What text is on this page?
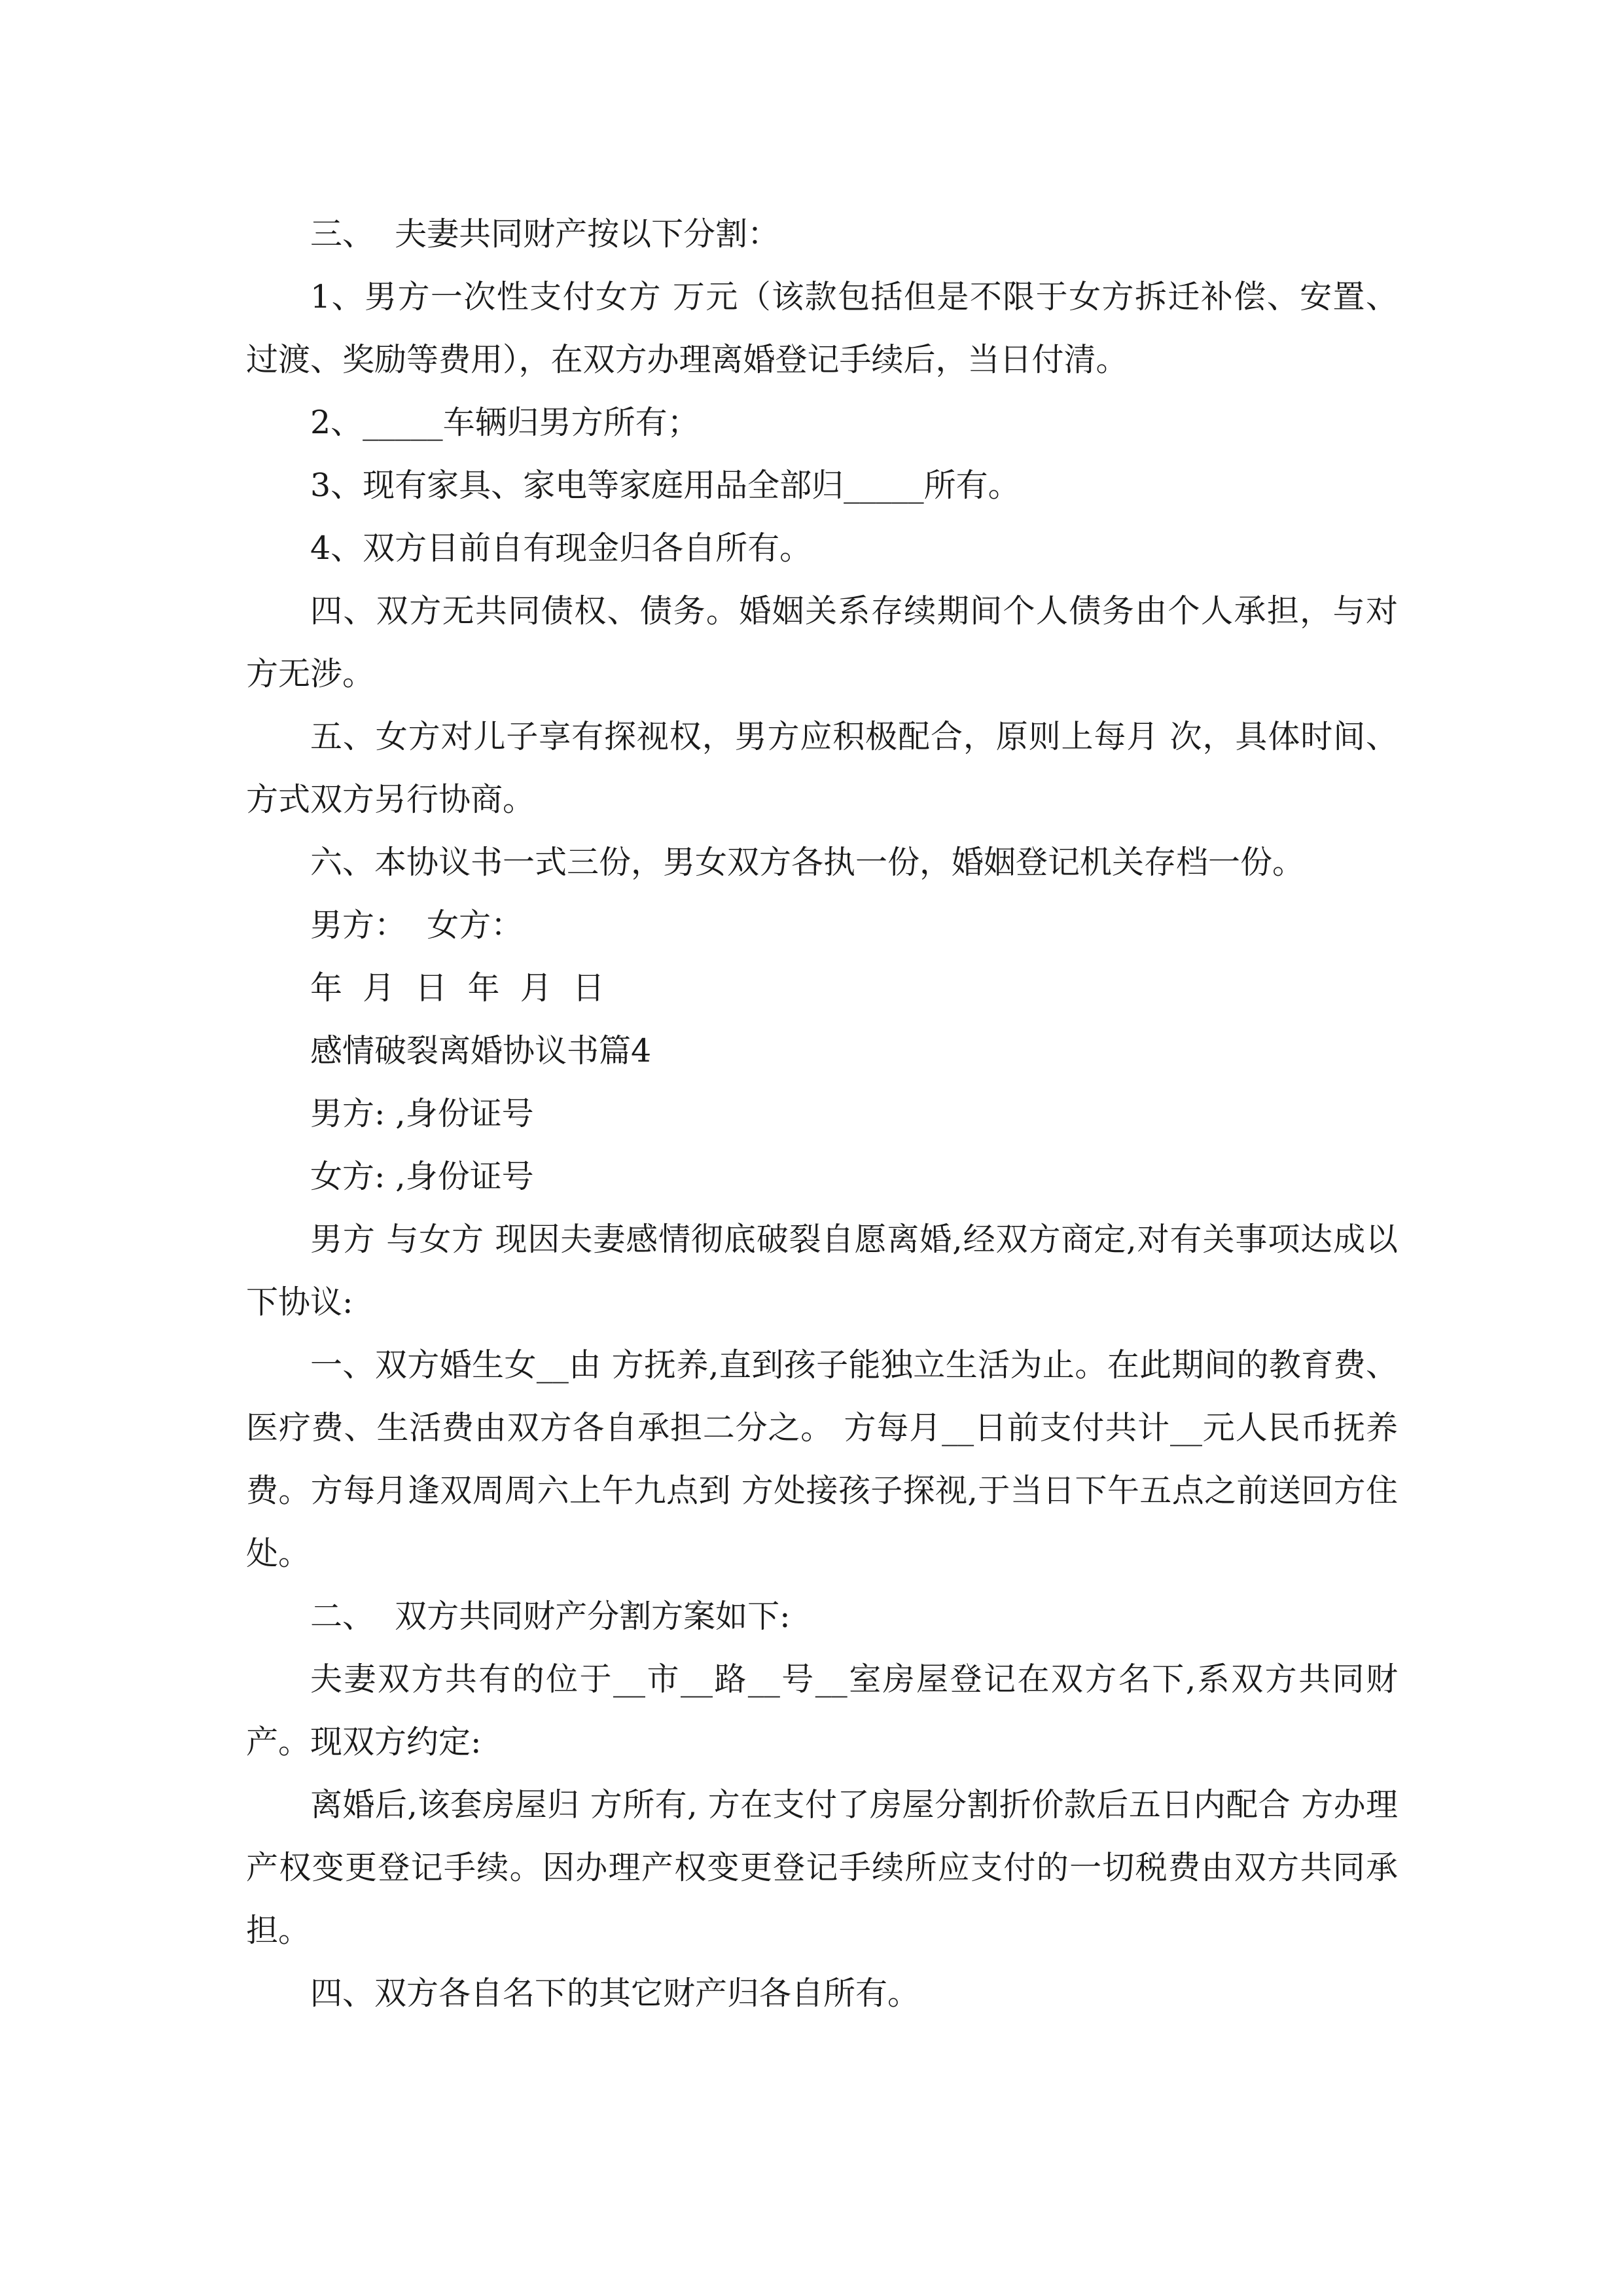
三、  夫妻共同财产按以下分割：

1、男方一次性支付女方 万元（该款包括但是不限于女方拆迁补偿、安置、过渡、奖励等费用），在双方办理离婚登记手续后，当日付清。

2、_____车辆归男方所有；

3、现有家具、家电等家庭用品全部归_____所有。

4、双方目前自有现金归各自所有。

四、双方无共同债权、债务。婚姻关系存续期间个人债务由个人承担，与对方无涉。

五、女方对儿子享有探视权，男方应积极配合，原则上每月 次，具体时间、方式双方另行协商。

六、本协议书一式三份，男女双方各执一份，婚姻登记机关存档一份。

男方：  女方：

年  月  日  年  月  日

感情破裂离婚协议书篇4

男方: ,身份证号

女方: ,身份证号

男方 与女方 现因夫妻感情彻底破裂自愿离婚,经双方商定,对有关事项达成以下协议:

一、双方婚生女__由 方抚养,直到孩子能独立生活为止。在此期间的教育费、医疗费、生活费由双方各自承担二分之。 方每月__日前支付共计__元人民币抚养费。方每月逢双周周六上午九点到 方处接孩子探视,于当日下午五点之前送回方住处。

二、  双方共同财产分割方案如下:

夫妻双方共有的位于__市__路__号__室房屋登记在双方名下,系双方共同财产。现双方约定:

离婚后,该套房屋归 方所有, 方在支付了房屋分割折价款后五日内配合 方办理产权变更登记手续。因办理产权变更登记手续所应支付的一切税费由双方共同承担。

四、双方各自名下的其它财产归各自所有。
